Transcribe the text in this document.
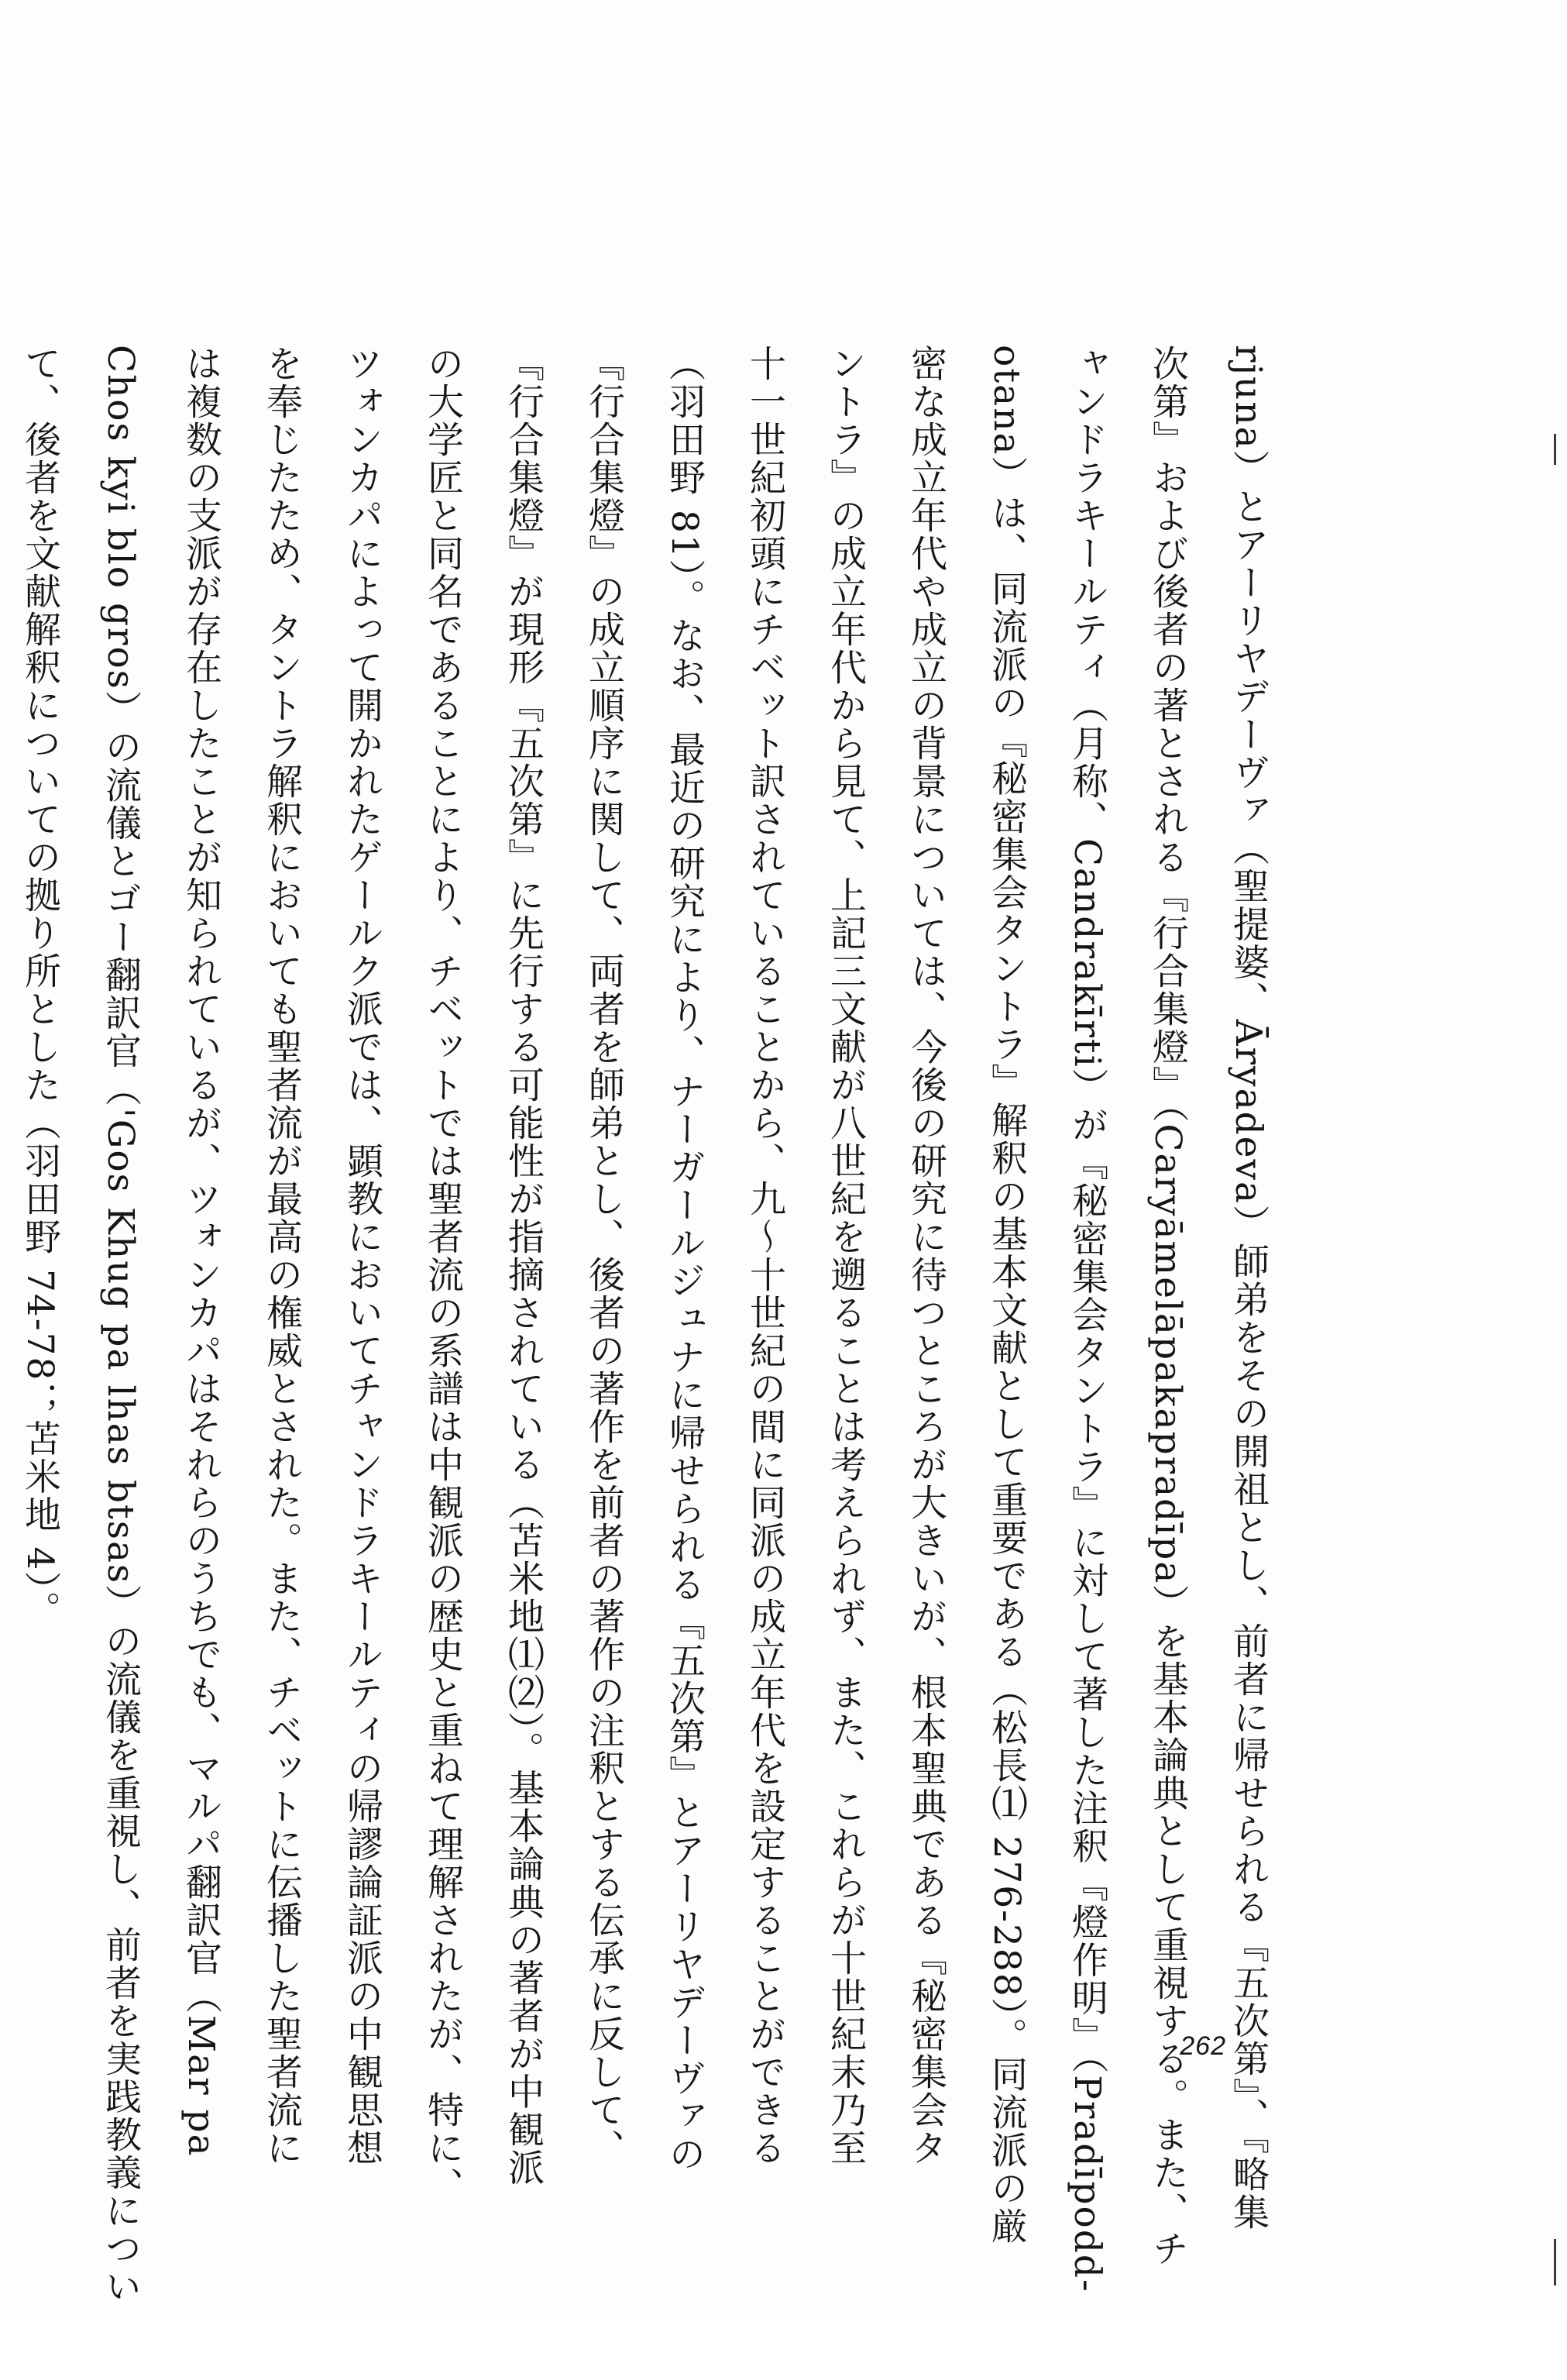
rjuna）とアーリヤデーヴァ（聖提婆、Āryadeva）師弟をその開祖とし、前者に帰せられる『五次第』、『略集
次第』および後者の著とされる『行合集燈』（Caryāmelāpakapradīpa）を基本論典として重視する。また、チ
ャンドラキールティ（月称、Candrakīrti）が『秘密集会タントラ』に対して著した注釈『燈作明』（Pradīpodd-
otana）は、同流派の『秘密集会タントラ』解釈の基本文献として重要である（松長⑴ 276-288）。同流派の厳
密な成立年代や成立の背景については、今後の研究に待つところが大きいが、根本聖典である『秘密集会タ
ントラ』の成立年代から見て、上記三文献が八世紀を遡ることは考えられず、また、これらが十世紀末乃至
十一世紀初頭にチベット訳されていることから、九～十世紀の間に同派の成立年代を設定することができる
（羽田野 81）。なお、最近の研究により、ナーガールジュナに帰せられる『五次第』とアーリヤデーヴァの
『行合集燈』の成立順序に関して、両者を師弟とし、後者の著作を前者の著作の注釈とする伝承に反して、
『行合集燈』が現形『五次第』に先行する可能性が指摘されている（苫米地⑴⑵）。基本論典の著者が中観派
の大学匠と同名であることにより、チベットでは聖者流の系譜は中観派の歴史と重ねて理解されたが、特に、
ツォンカパによって開かれたゲールク派では、顕教においてチャンドラキールティの帰謬論証派の中観思想
を奉じたため、タントラ解釈においても聖者流が最高の権威とされた。また、チベットに伝播した聖者流に
は複数の支派が存在したことが知られているが、ツォンカパはそれらのうちでも、マルパ翻訳官（Mar pa
Chos kyi blo gros）の流儀とゴー翻訳官（'Gos Khug pa lhas btsas）の流儀を重視し、前者を実践教義につい
て、後者を文献解釈についての拠り所とした（羽田野 74-78；苫米地 4）。
262
